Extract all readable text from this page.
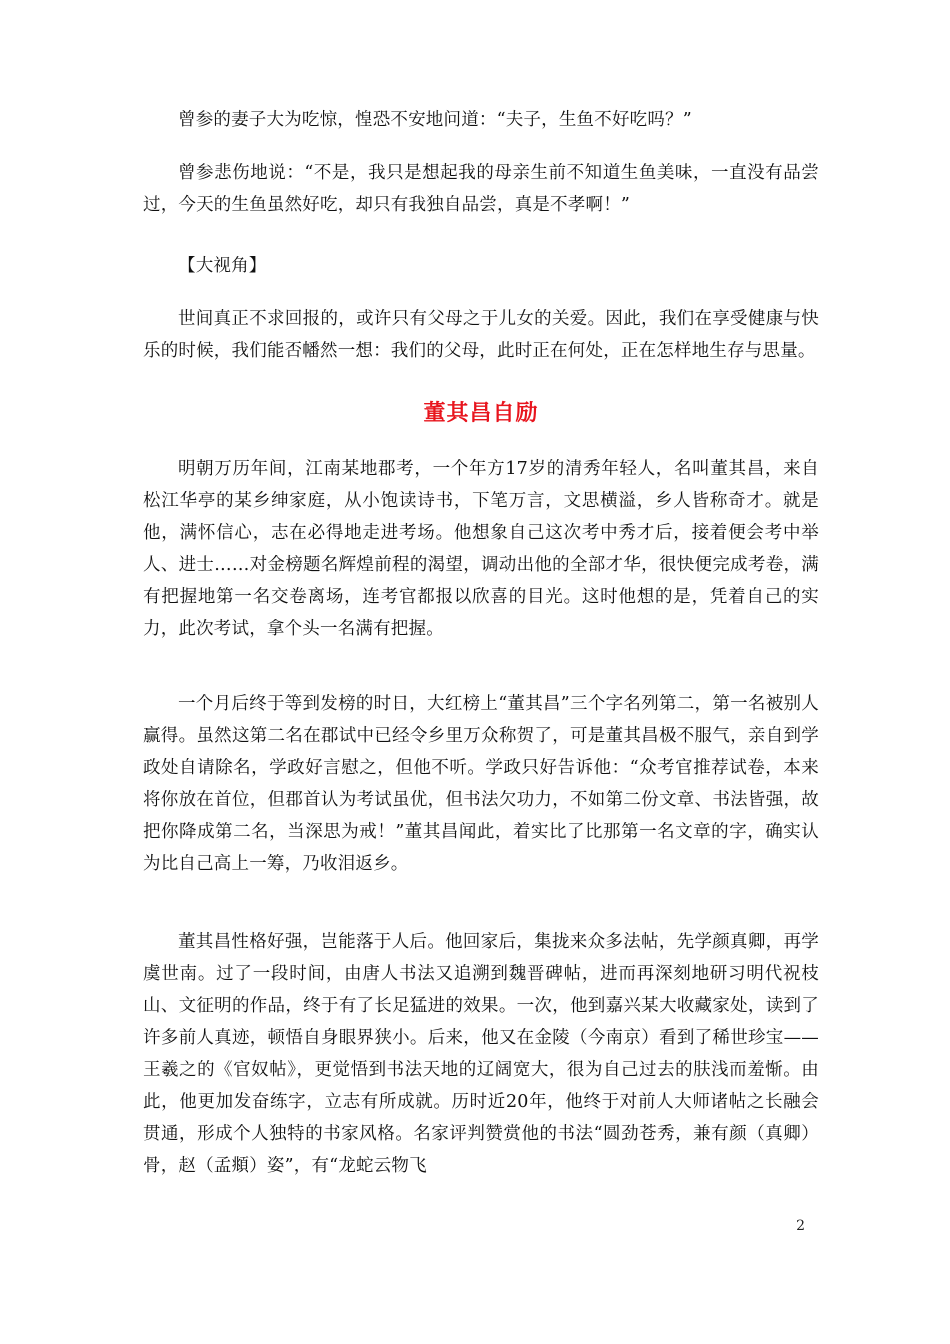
曾参的妻子大为吃惊，惶恐不安地问道：“夫子，生鱼不好吃吗？”

曾参悲伤地说：“不是，我只是想起我的母亲生前不知道生鱼美味，一直没有品尝过，今天的生鱼虽然好吃，却只有我独自品尝，真是不孝啊！”

【大视角】

世间真正不求回报的，或许只有父母之于儿女的关爱。因此，我们在享受健康与快乐的时候，我们能否幡然一想：我们的父母，此时正在何处，正在怎样地生存与思量。

董其昌自励

明朝万历年间，江南某地郡考，一个年方17岁的清秀年轻人，名叫董其昌，来自松江华亭的某乡绅家庭，从小饱读诗书，下笔万言，文思横溢，乡人皆称奇才。就是他，满怀信心，志在必得地走进考场。他想象自己这次考中秀才后，接着便会考中举人、进士……对金榜题名辉煌前程的渴望，调动出他的全部才华，很快便完成考卷，满有把握地第一名交卷离场，连考官都报以欣喜的目光。这时他想的是，凭着自己的实力，此次考试，拿个头一名满有把握。

一个月后终于等到发榜的时日，大红榜上“董其昌”三个字名列第二，第一名被别人赢得。虽然这第二名在郡试中已经令乡里万众称贺了，可是董其昌极不服气，亲自到学政处自请除名，学政好言慰之，但他不听。学政只好告诉他：“众考官推荐试卷，本来将你放在首位，但郡首认为考试虽优，但书法欠功力，不如第二份文章、书法皆强，故把你降成第二名，当深思为戒！”董其昌闻此，着实比了比那第一名文章的字，确实认为比自己高上一筹，乃收泪返乡。

董其昌性格好强，岂能落于人后。他回家后，集拢来众多法帖，先学颜真卿，再学虞世南。过了一段时间，由唐人书法又追溯到魏晋碑帖，进而再深刻地研习明代祝枝山、文征明的作品，终于有了长足猛进的效果。一次，他到嘉兴某大收藏家处，读到了许多前人真迹，顿悟自身眼界狭小。后来，他又在金陵（今南京）看到了稀世珍宝——王羲之的《官奴帖》，更觉悟到书法天地的辽阔宽大，很为自己过去的肤浅而羞惭。由此，他更加发奋练字，立志有所成就。历时近20年，他终于对前人大师诸帖之长融会贯通，形成个人独特的书家风格。名家评判赞赏他的书法“圆劲苍秀，兼有颜（真卿）骨，赵（孟頫）姿”，有“龙蛇云物飞

2
